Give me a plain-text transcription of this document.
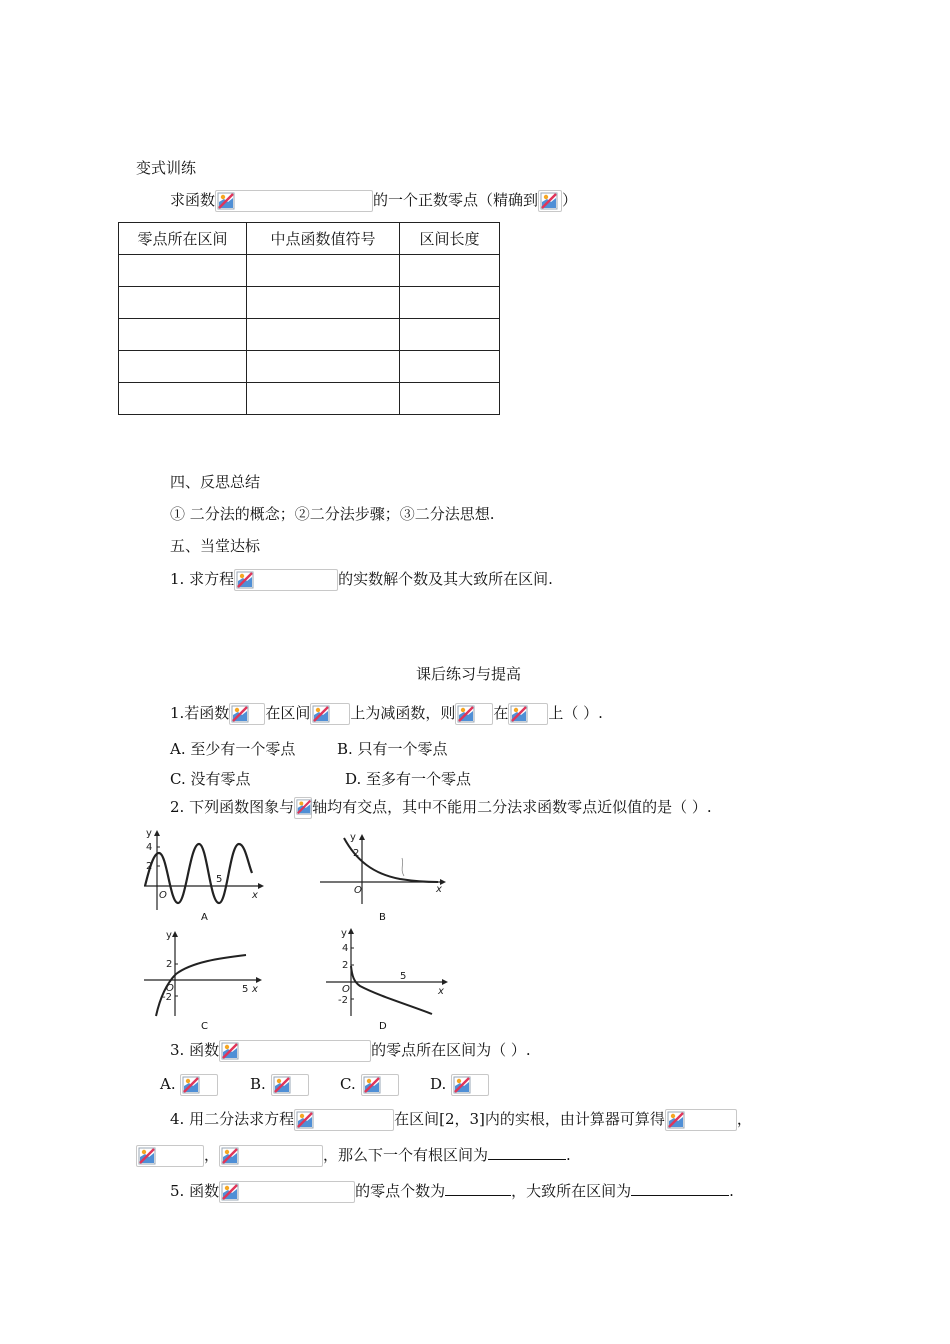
变式训练
求函数	的一个正数零点（精确到 ）
零点所在区间	中点函数值符号	区间长度

四、反思总结
① 二分法的概念；②二分法步骤；③二分法思想.
五、当堂达标
1. 求方程	的实数解个数及其大致所在区间.
课后练习与提高
1.若函数 在区间	上为减函数，则	在	上（ ）.
A. 至少有一个零点	B. 只有一个零点
C. 没有零点	D. 至多有一个零点
2. 下列函数图象与 轴均有交点，其中不能用二分法求函数零点近似值的是（ ）.
y
4
2
O
5
x
A
y
2
O	x
B
y
2
-2
O	5 x
C
y
4
2
-2
O
5
x
D
3. 函数	的零点所在区间为（ ）.
A.	B.	C.	D.
4. 用二分法求方程	在区间[2，3]内的实根，由计算器可算得	，
，	，那么下一个有根区间为	.
5. 函数	的零点个数为	，大致所在区间为	.
